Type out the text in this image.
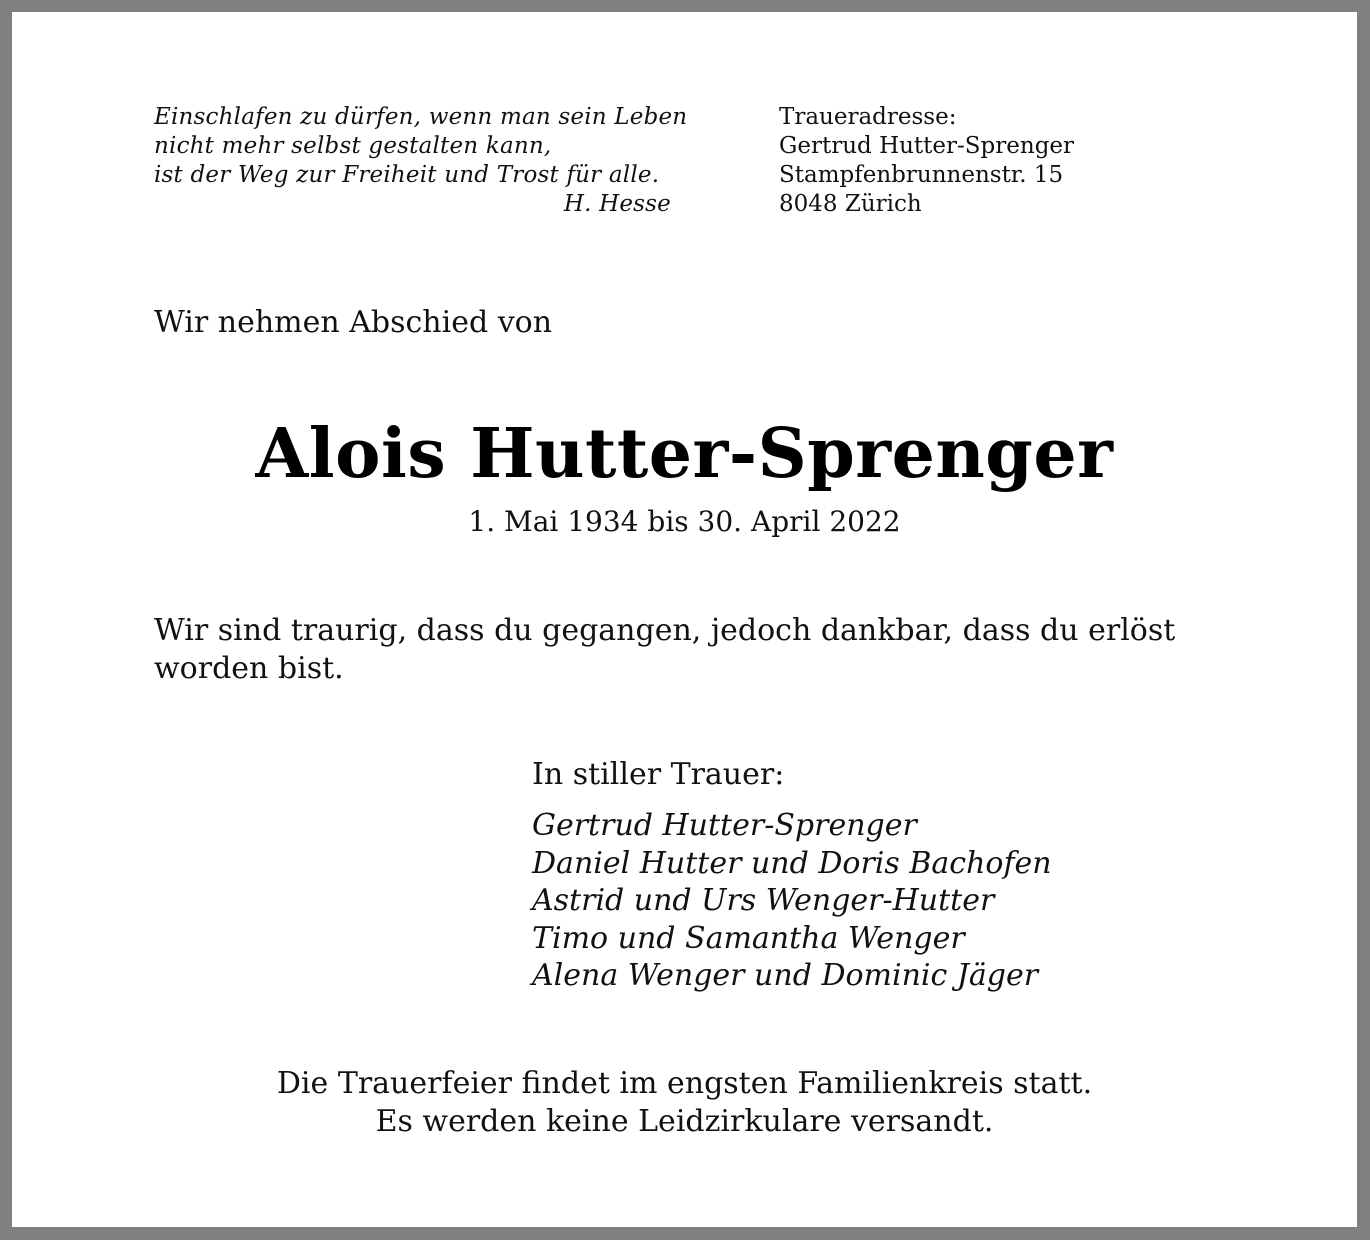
Einschlafen zu dürfen, wenn man sein Leben
nicht mehr selbst gestalten kann,
ist der Weg zur Freiheit und Trost für alle.
H. Hesse
Traueradresse:
Gertrud Hutter-Sprenger
Stampfenbrunnenstr. 15
8048 Zürich
Wir nehmen Abschied von
Alois Hutter-Sprenger
1. Mai 1934 bis 30. April 2022
Wir sind traurig, dass du gegangen, jedoch dankbar, dass du erlöst worden bist.
In stiller Trauer:
Gertrud Hutter-Sprenger
Daniel Hutter und Doris Bachofen
Astrid und Urs Wenger-Hutter
Timo und Samantha Wenger
Alena Wenger und Dominic Jäger
Die Trauerfeier findet im engsten Familienkreis statt.
Es werden keine Leidzirkulare versandt.
